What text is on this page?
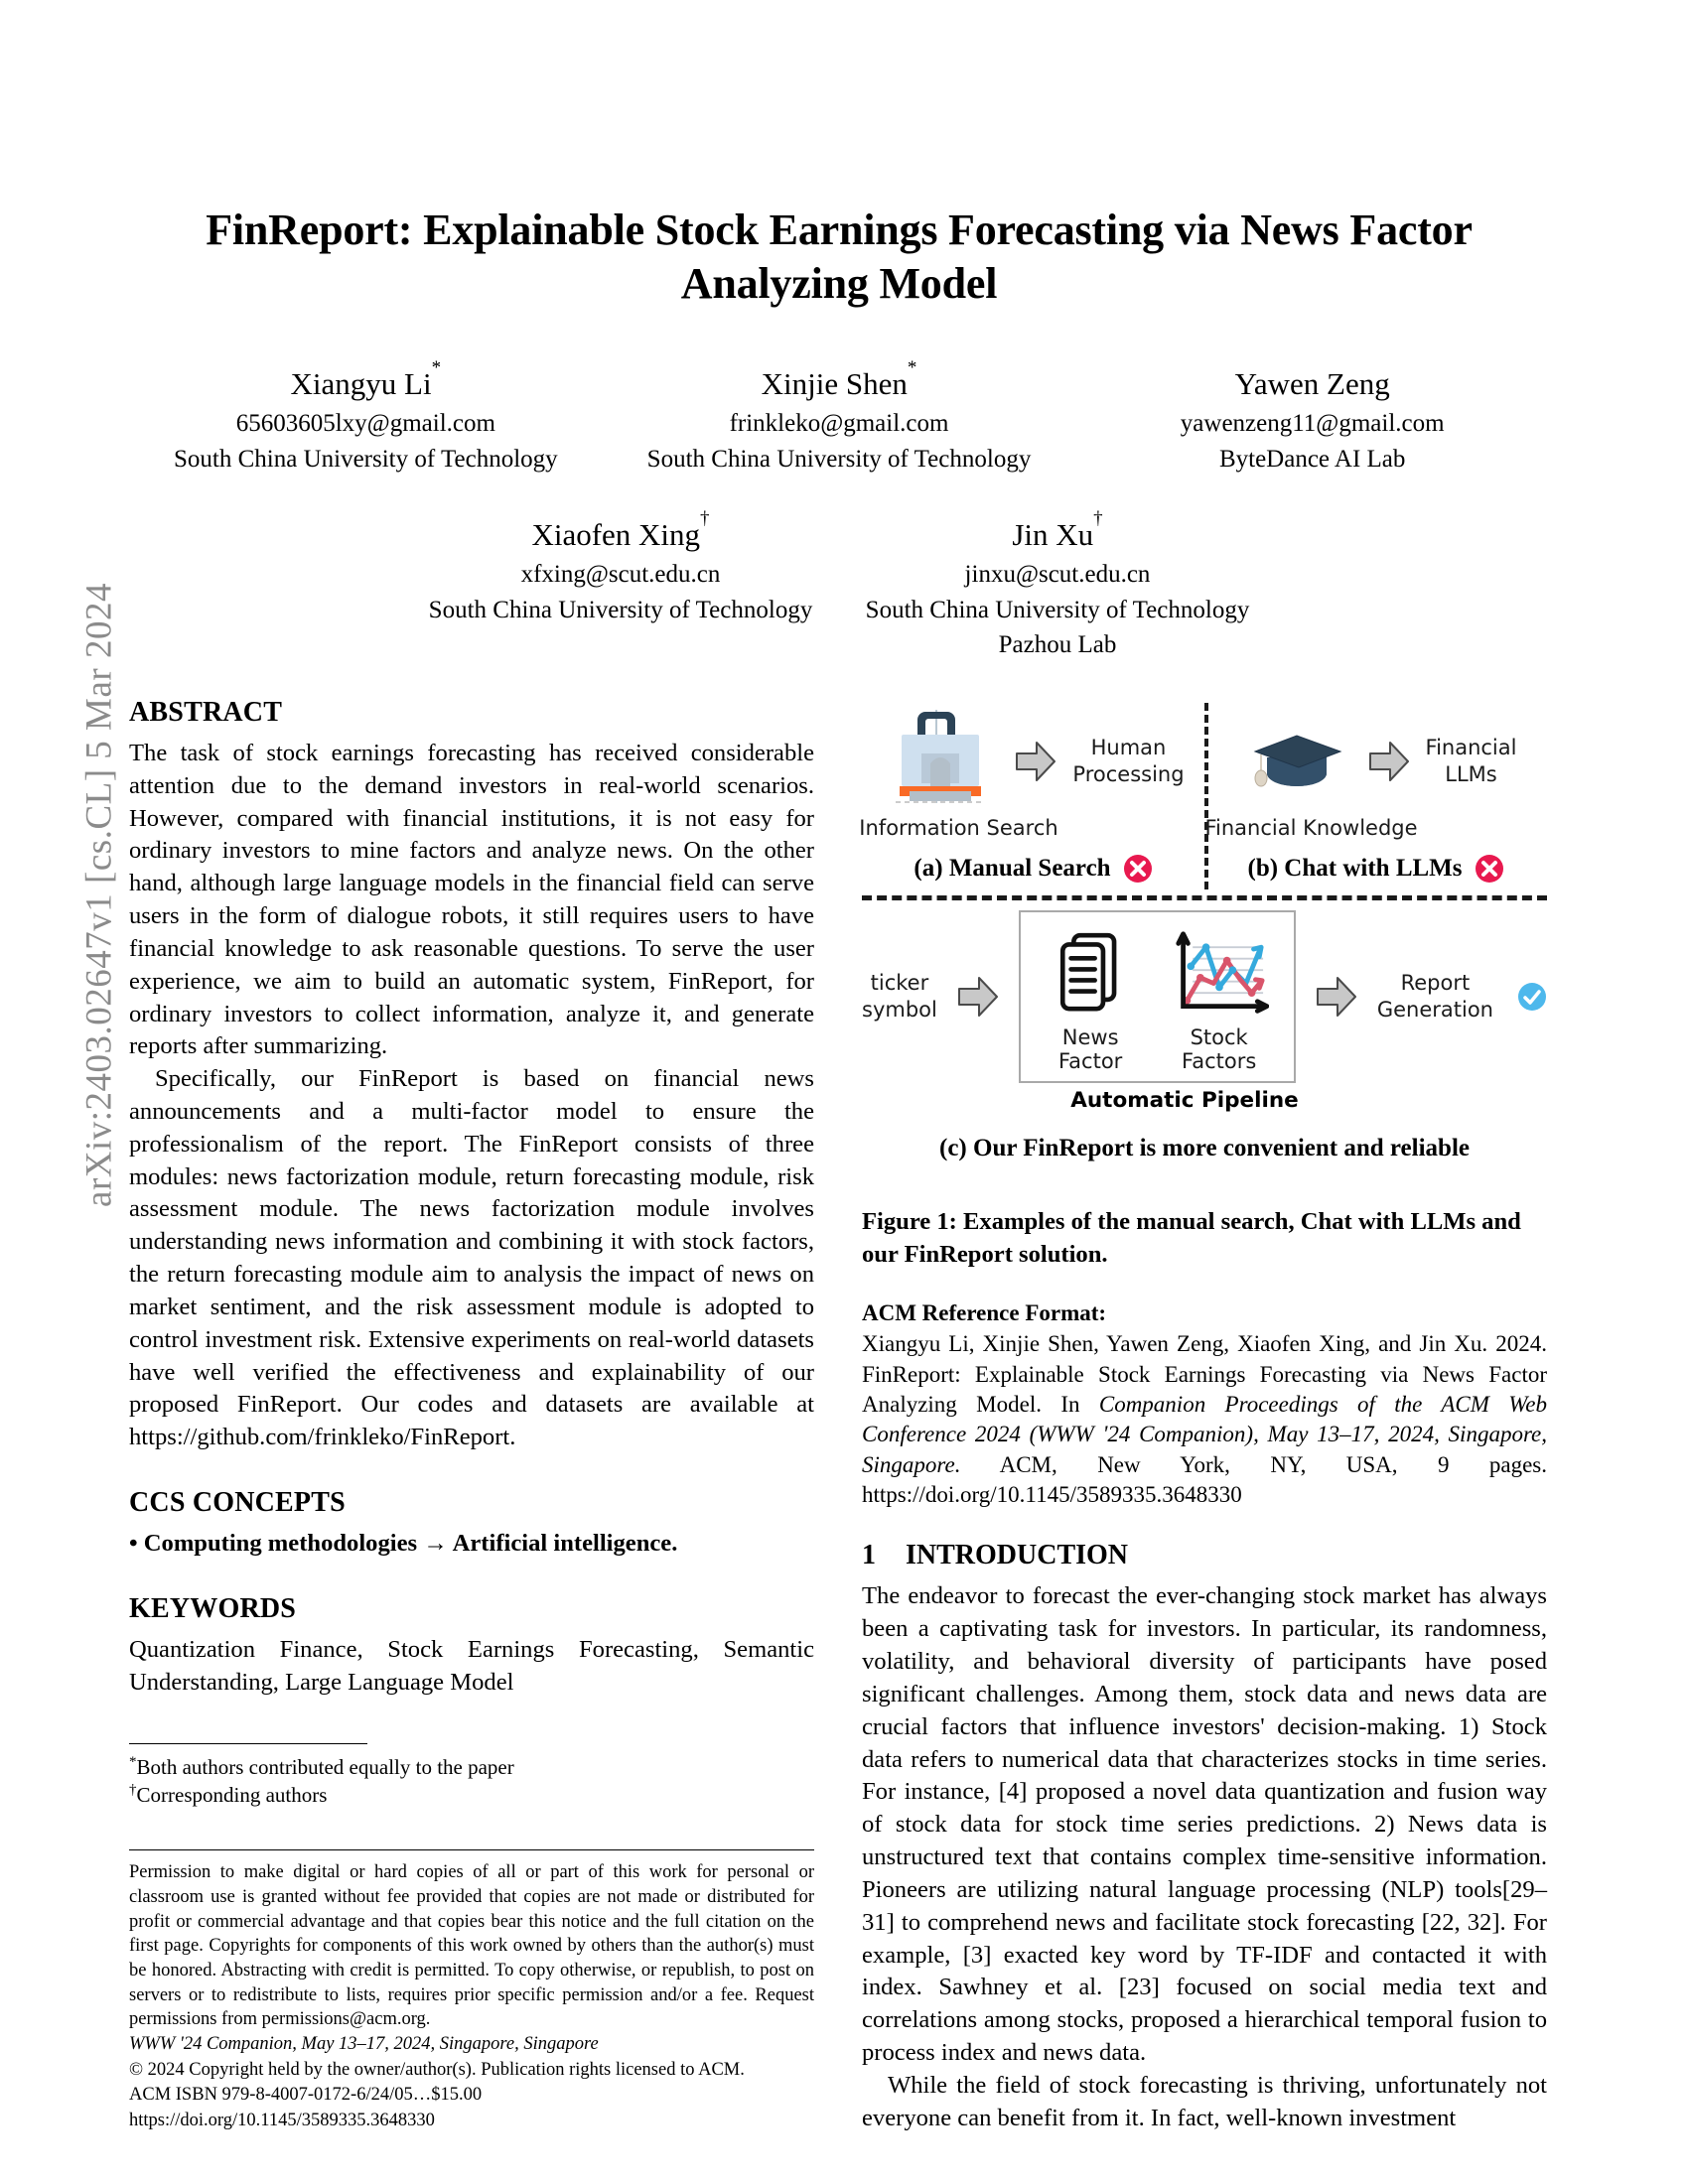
arXiv:2403.02647v1 [cs.CL] 5 Mar 2024
FinReport: Explainable Stock Earnings Forecasting via News Factor Analyzing Model
Xiangyu Li*
65603605lxy@gmail.com
South China University of Technology
Xinjie Shen*
frinkleko@gmail.com
South China University of Technology
Yawen Zeng
yawenzeng11@gmail.com
ByteDance AI Lab
Xiaofen Xing†
xfxing@scut.edu.cn
South China University of Technology
Jin Xu†
jinxu@scut.edu.cn
South China University of Technology
Pazhou Lab
ABSTRACT

The task of stock earnings forecasting has received considerable attention due to the demand investors in real-world scenarios. However, compared with financial institutions, it is not easy for ordinary investors to mine factors and analyze news. On the other hand, although large language models in the financial field can serve users in the form of dialogue robots, it still requires users to have financial knowledge to ask reasonable questions. To serve the user experience, we aim to build an automatic system, FinReport, for ordinary investors to collect information, analyze it, and generate reports after summarizing.

Specifically, our FinReport is based on financial news announcements and a multi-factor model to ensure the professionalism of the report. The FinReport consists of three modules: news factorization module, return forecasting module, risk assessment module. The news factorization module involves understanding news information and combining it with stock factors, the return forecasting module aim to analysis the impact of news on market sentiment, and the risk assessment module is adopted to control investment risk. Extensive experiments on real-world datasets have well verified the effectiveness and explainability of our proposed FinReport. Our codes and datasets are available at https://github.com/frinkleko/FinReport.

CCS CONCEPTS

• Computing methodologies → Artificial intelligence.

KEYWORDS

Quantization Finance, Stock Earnings Forecasting, Semantic Understanding, Large Language Model

*Both authors contributed equally to the paper
†Corresponding authors
Permission to make digital or hard copies of all or part of this work for personal or classroom use is granted without fee provided that copies are not made or distributed for profit or commercial advantage and that copies bear this notice and the full citation on the first page. Copyrights for components of this work owned by others than the author(s) must be honored. Abstracting with credit is permitted. To copy otherwise, or republish, to post on servers or to redistribute to lists, requires prior specific permission and/or a fee. Request permissions from permissions@acm.org.
WWW '24 Companion, May 13–17, 2024, Singapore, Singapore
© 2024 Copyright held by the owner/author(s). Publication rights licensed to ACM.
ACM ISBN 979-8-4007-0172-6/24/05…$15.00
https://doi.org/10.1145/3589335.3648330
Human
Processing
Information Search
(a) Manual Search
Financial
LLMs
Financial Knowledge
(b) Chat with LLMs
ticker
symbol
News Factor
Stock Factors
Report
Generation
Automatic Pipeline
(c) Our FinReport is more convenient and reliable
Figure 1: Examples of the manual search, Chat with LLMs and our FinReport solution.
ACM Reference Format:
Xiangyu Li, Xinjie Shen, Yawen Zeng, Xiaofen Xing, and Jin Xu. 2024. FinReport: Explainable Stock Earnings Forecasting via News Factor Analyzing Model. In Companion Proceedings of the ACM Web Conference 2024 (WWW '24 Companion), May 13–17, 2024, Singapore, Singapore. ACM, New York, NY, USA, 9 pages. https://doi.org/10.1145/3589335.3648330
1 INTRODUCTION

The endeavor to forecast the ever-changing stock market has always been a captivating task for investors. In particular, its randomness, volatility, and behavioral diversity of participants have posed significant challenges. Among them, stock data and news data are crucial factors that influence investors' decision-making. 1) Stock data refers to numerical data that characterizes stocks in time series. For instance, [4] proposed a novel data quantization and fusion way of stock data for stock time series predictions. 2) News data is unstructured text that contains complex time-sensitive information. Pioneers are utilizing natural language processing (NLP) tools[29–31] to comprehend news and facilitate stock forecasting [22, 32]. For example, [3] exacted key word by TF-IDF and contacted it with index. Sawhney et al. [23] focused on social media text and correlations among stocks, proposed a hierarchical temporal fusion to process index and news data.

While the field of stock forecasting is thriving, unfortunately not everyone can benefit from it. In fact, well-known investment
